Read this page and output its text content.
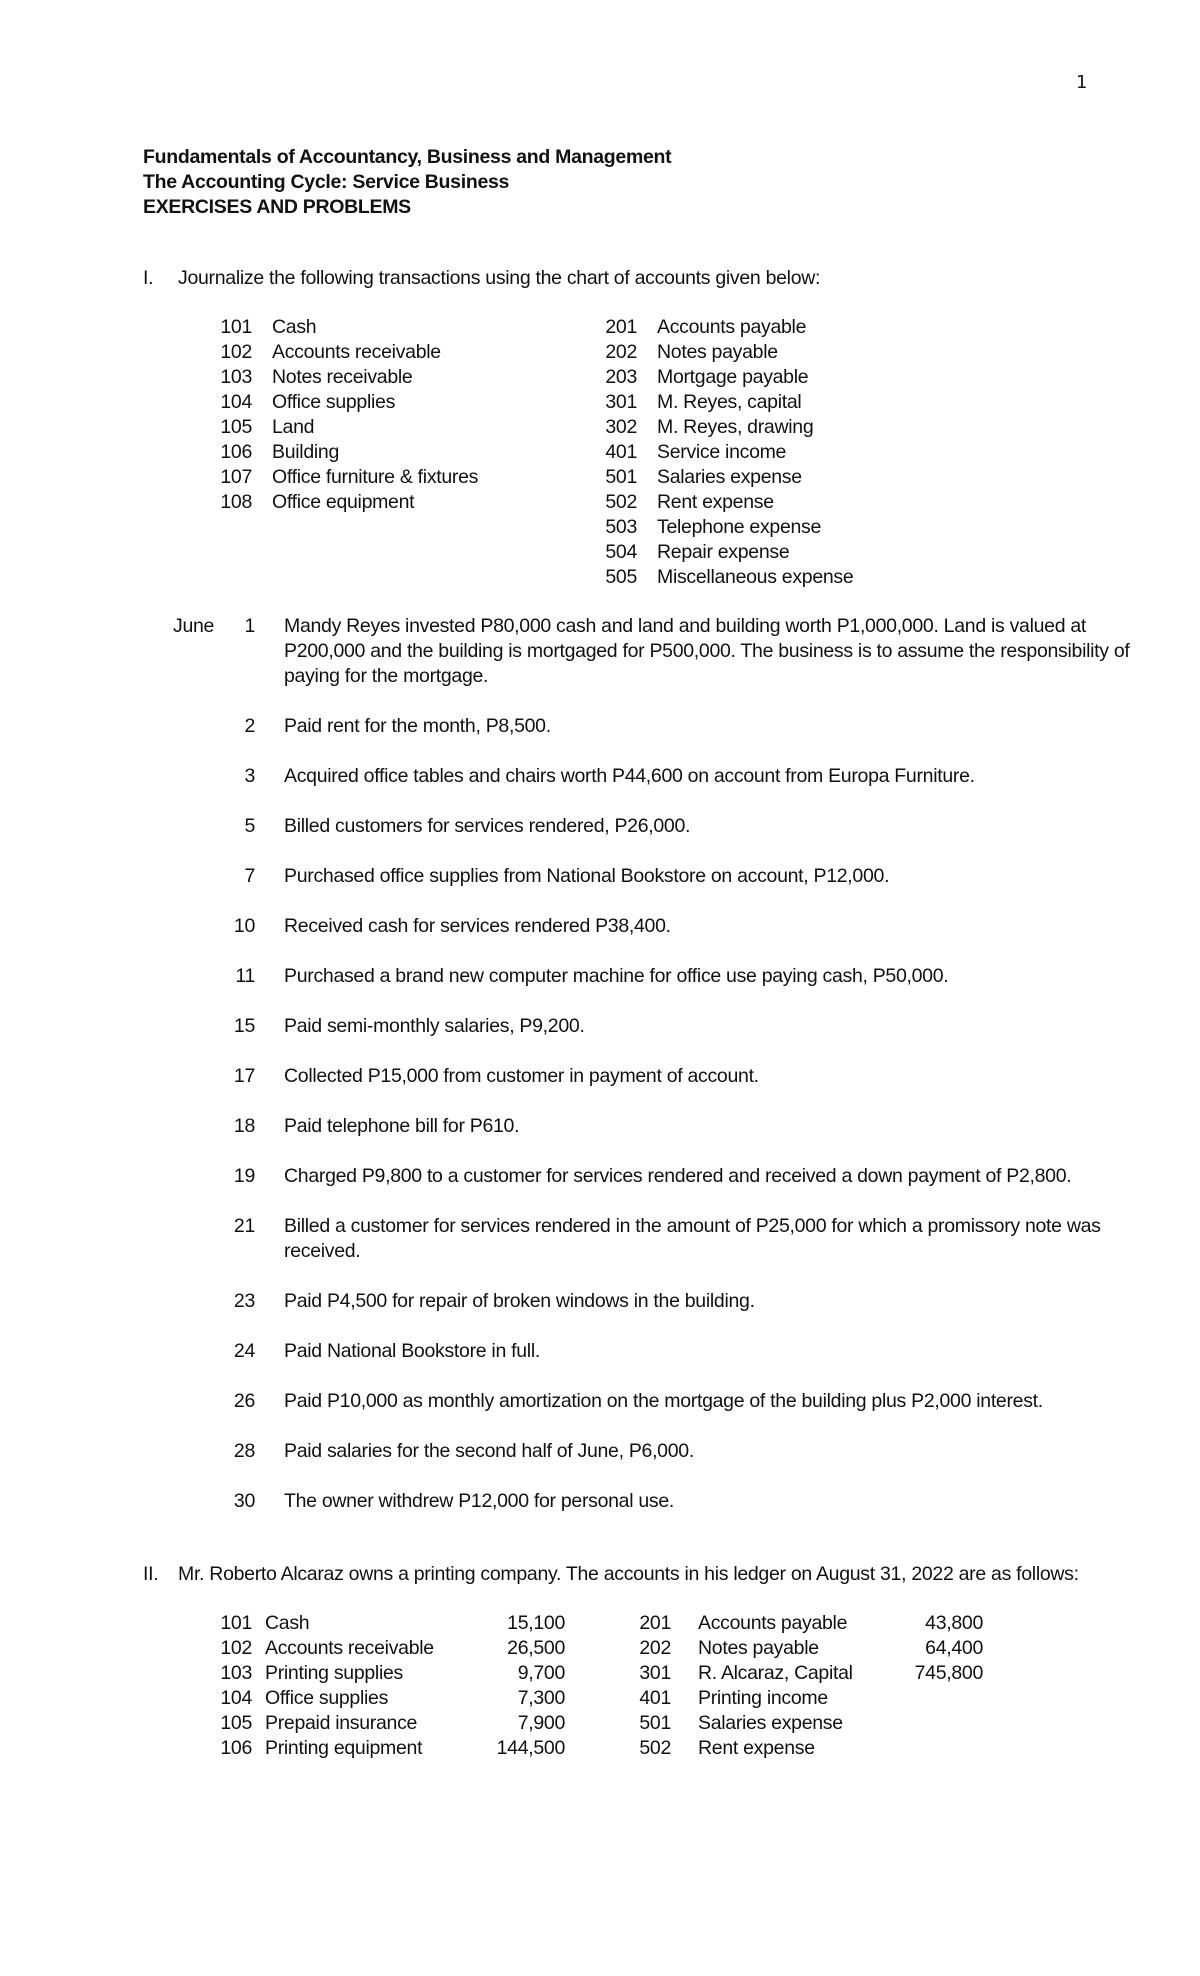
1
Fundamentals of Accountancy, Business and Management
The Accounting Cycle: Service Business
EXERCISES AND PROBLEMS
I. Journalize the following transactions using the chart of accounts given below:
101 Cash
102 Accounts receivable
103 Notes receivable
104 Office supplies
105 Land
106 Building
107 Office furniture & fixtures
108 Office equipment
201 Accounts payable
202 Notes payable
203 Mortgage payable
301 M. Reyes, capital
302 M. Reyes, drawing
401 Service income
501 Salaries expense
502 Rent expense
503 Telephone expense
504 Repair expense
505 Miscellaneous expense
June	1 Mandy Reyes invested P80,000 cash and land and building worth P1,000,000. Land is valued at
P200,000 and the building is mortgaged for P500,000. The business is to assume the responsibility of
paying for the mortgage.
2 Paid rent for the month, P8,500.
3 Acquired office tables and chairs worth P44,600 on account from Europa Furniture.
5 Billed customers for services rendered, P26,000.
7 Purchased office supplies from National Bookstore on account, P12,000.
10 Received cash for services rendered P38,400.
11 Purchased a brand new computer machine for office use paying cash, P50,000.
15 Paid semi-monthly salaries, P9,200.
17 Collected P15,000 from customer in payment of account.
18 Paid telephone bill for P610.
19 Charged P9,800 to a customer for services rendered and received a down payment of P2,800.
21 Billed a customer for services rendered in the amount of P25,000 for which a promissory note was
received.
23 Paid P4,500 for repair of broken windows in the building.
24 Paid National Bookstore in full.
26 Paid P10,000 as monthly amortization on the mortgage of the building plus P2,000 interest.
28 Paid salaries for the second half of June, P6,000.
30 The owner withdrew P12,000 for personal use.
II. Mr. Roberto Alcaraz owns a printing company. The accounts in his ledger on August 31, 2022 are as follows:
101 Cash	15,100
102 Accounts receivable	26,500
103 Printing supplies	9,700
104 Office supplies	7,300
105 Prepaid insurance	7,900
106 Printing equipment	144,500
201 Accounts payable	43,800
202 Notes payable	64,400
301 R. Alcaraz, Capital	745,800
401 Printing income
501 Salaries expense
502 Rent expense
